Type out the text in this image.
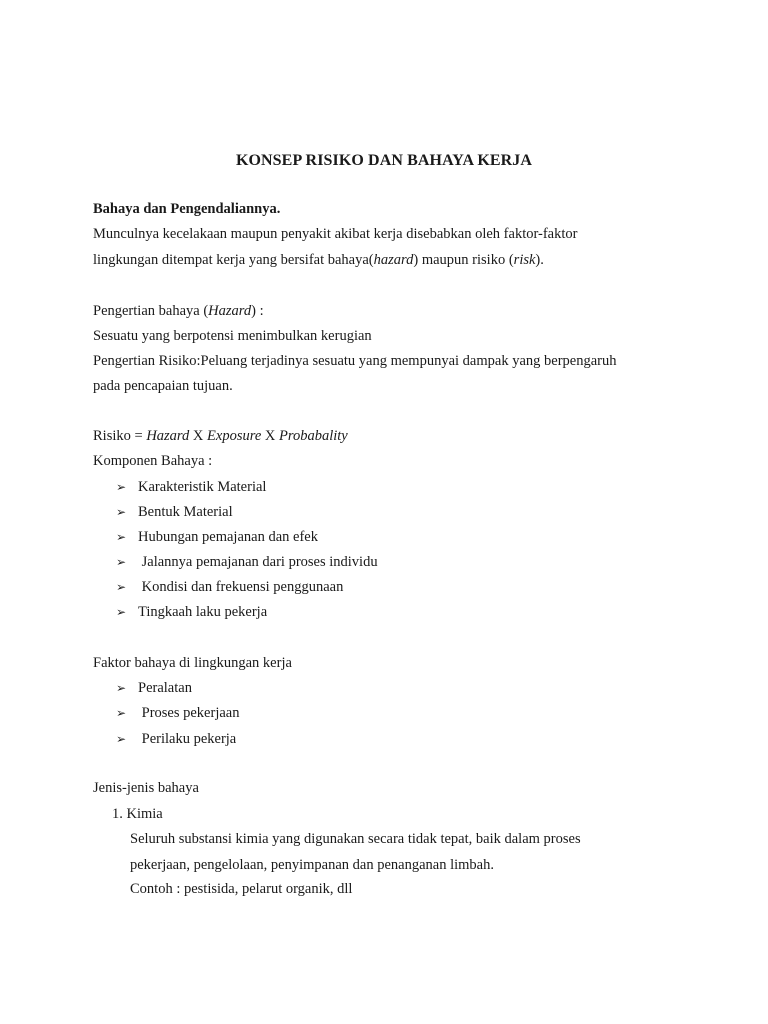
KONSEP RISIKO DAN BAHAYA KERJA
Bahaya dan Pengendaliannya.
Munculnya kecelakaan maupun penyakit akibat kerja disebabkan oleh faktor-faktor
lingkungan ditempat kerja yang bersifat bahaya(hazard) maupun risiko (risk).
Pengertian bahaya (Hazard) :
Sesuatu yang berpotensi menimbulkan kerugian
Pengertian Risiko:Peluang terjadinya sesuatu yang mempunyai dampak yang berpengaruh
pada pencapaian tujuan.
Risiko = Hazard X Exposure X Probabality
Komponen Bahaya :
➢ Karakteristik Material
➢ Bentuk Material
➢ Hubungan pemajanan dan efek
➢ Jalannya pemajanan dari proses individu
➢ Kondisi dan frekuensi penggunaan
➢ Tingkaah laku pekerja
Faktor bahaya di lingkungan kerja
➢ Peralatan
➢ Proses pekerjaan
➢ Perilaku pekerja
Jenis-jenis bahaya
1. Kimia
Seluruh substansi kimia yang digunakan secara tidak tepat, baik dalam proses
pekerjaan, pengelolaan, penyimpanan dan penanganan limbah.
Contoh : pestisida, pelarut organik, dll
